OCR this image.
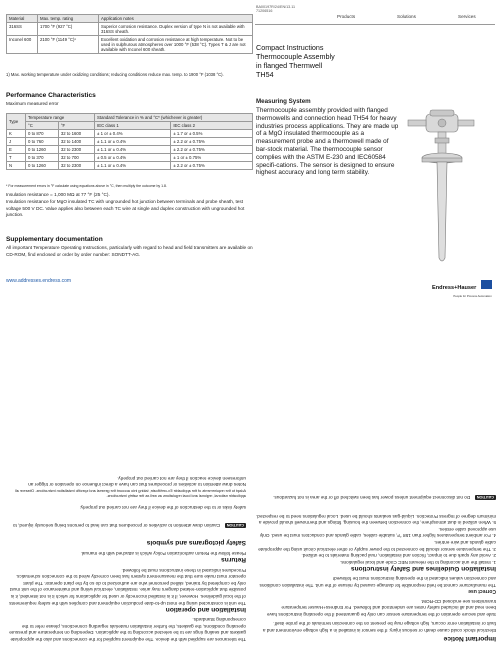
Material	Max. temp. rating	Application notes
316SS	1700 °F (927 °C)	Superior corrosion resistance. Duplex version of type N is not available with 316SS sheath.
Inconel 600	2100 °F (1149 °C)¹	Excellent oxidation and corrosion resistance at high temperature. Not to be used in sulphurous atmospheres over 1000 °F (538 °C). Types T & J are not available with Inconel 600 sheath.
1) Max. working temperature under oxidizing conditions; reducing conditions reduce max. temp. to 1900 °F (1038 °C).
Performance Characteristics
Maximum measured error
Type	Temperature range		Standard Tolerance in % and °C* (whichever is greater)	
	°C	°F	IEC class 1	IEC class 2
K	0 to 870	32 to 1600	± 1 or ± 0.4%	± 1.7 or ± 0.5%
J	0 to 760	32 to 1400	± 1.1 or ± 0.4%	± 2.2 or ± 0.75%
E	0 to 1260	32 to 2300	± 1.1 or ± 0.4%	± 2.2 or ± 0.75%
T	0 to 370	32 to 700	± 0.5 or ± 0.4%	± 1 or ± 0.75%
N	0 to 1260	32 to 2300	± 1.1 or ± 0.4%	± 2.2 or ± 0.75%
* For measurement errors in °F calculate using equations above in °C, then multiply the outcome by 1.8.
Insulation resistance = 1,000 MΩ at 77 °F (25 °C).
Insulation resistance for MgO insulated TC with ungrounded hot junction between terminals and probe sheath, test voltage 500 V DC. Value applies also between each TC wire at single and duplex construction with ungrounded hot junction.
Supplementary documentation
All important Temperature Operating Instructions, particularly with regard to head and field transmitters are available on CD-ROM, find enclosed or order by order number: SONDTT-AG.
www.addresses.endress.com
BA00197R/24/EN/13.11 71206516
Products	Solutions	Services
Compact Instructions
Thermocouple Assembly
in flanged Thermwell
TH54
Measuring System
Thermocouple assembly provided with flanged thermowells and connection head TH54 for heavy industries process applications. They are made up of a MgO insulated thermocouple as a measurement probe and a thermowell made of bar-stock material. The thermocouple sensor complies with the ASTM E-230 and IEC60584 specifi-cations. The sensor is designed to ensure highest accuracy and long term stability.
Endress+Hauser
People for Process Automation
Important Notice
Electrical shock could cause death or serious injury. If the sensor is installed in a high voltage environment and a fault or installation error occurs, high voltage may be present on the connection terminals of the probe itself.
Safe and secure operation of the temperature sensor can only be guaranteed if the operating instructions have been read and all included safety notes are understood and followed. For Endress+Hauser temperature transmitters see enclosed CD-ROM.
Correct use
The manufacturer cannot be held responsible for damage caused by misuse of the unit. The installation conditions and connection values indicated in the operating instructions must be followed!
Installation Guidelines and Safety instructions
1. Install the unit according to the relevant NEC Code and local regulations.
2. Avoid any spark due to impact, friction and installation, mail packing materials to be utilized.
3. The temperature sensor should be connected to the power supply or other electrical circuit using the appropriate cable glands and wire entries.
4. For ambient temperatures higher than 158 °F, suitable cables, cable glands and conductors must be used. Only use approved cable entries.
5. When utilized in dust atmosphere, the connection between the housing, fittings and thermowell should provide a minimum degree of Ingress Protection. Liquid-gas sealants should be used. Local regulations need to be respected.
CAUTION Do not disconnect equipment unless power has been switched off or the area is not hazardous.
The tolerances are supplied with the device. The equipment supplied for the connections and also the appropriate gaskets and sealing rings are to be selected according to the application. Depending on temperature and pressure operating conditions, the gaskets, the further installation materials regarding connections, please refer to the corresponding Standards.
Installation and operation
The unit is constructed using the most up-to-date production equipment and complies with the safety requirements of the local guidelines. However, if it is installed incorrectly or used for applications for which it is not intended, it is possible that application-related dangers may arise. Installation, electrical wiring and maintenance of the unit must only be completed by trained, skilled personnel who are authorized to do so by the plant operator. The plant operator must make sure that the measurement system has been correctly wired to the connection schematics. Procedures indicated in these instructions must be followed.
Returns
Please follow the Return authorization Policy which is attached with the manual.
Safety pictograms and symbols
CAUTION Caution draw attention to activities or procedures that can lead to persons being seriously injured, to safety risks or to the destruction of the device if they are not carried out properly.
Adapt to the requirements of the applicable Ex-certificate, taking into account the general and specific installation instructions. Observe all applicable national, regional and local regulations as well as the safety instructions.
Notes draw attention to activities or procedures that can have a direct influence on operation or trigger an unforeseen device reaction if they are not carried out properly.
